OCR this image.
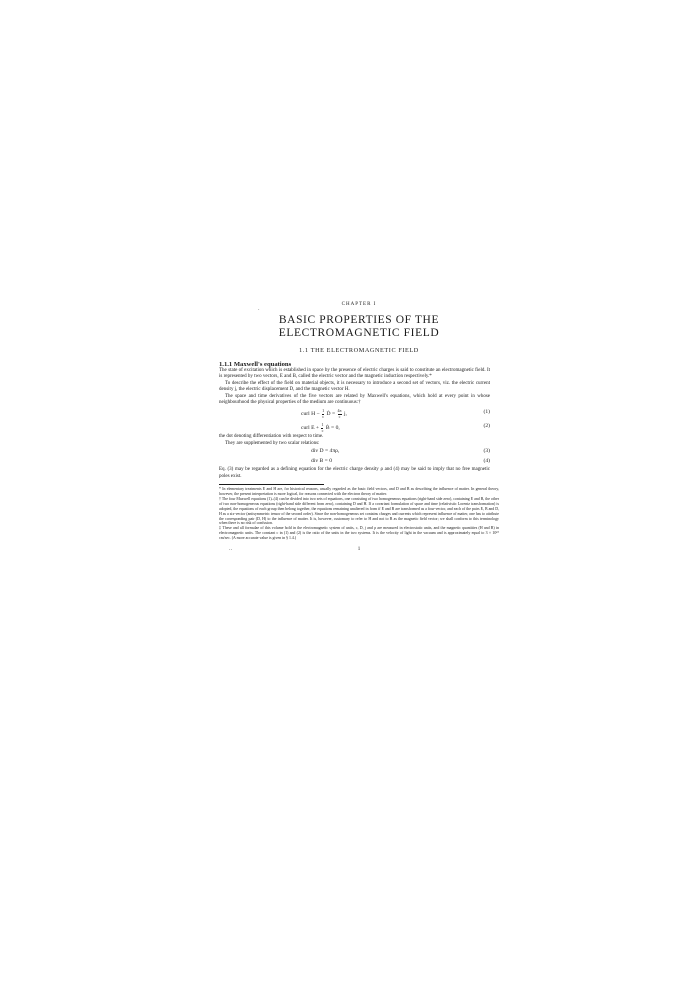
CHAPTER I
BASIC PROPERTIES OF THE
ELECTROMAGNETIC FIELD
1.1 THE ELECTROMAGNETIC FIELD
1.1.1 Maxwell's equations

The state of excitation which is established in space by the presence of electric charges is said to constitute an electromagnetic field. It is represented by two vectors, E and B, called the electric vector and the magnetic induction respectively.*

To describe the effect of the field on material objects, it is necessary to introduce a second set of vectors, viz. the electric current density j, the electric displacement D, and the magnetic vector H.

The space and time derivatives of the five vectors are related by Maxwell's equations, which hold at every point in whose neighbourhood the physical properties of the medium are continuous:†

curl $H - \frac{1}{c}$ Ḋ = $\frac{4\pi}{c} j$,	(1)
curl $E + \frac{1}{c}$ Ḃ = 0,	(2)

the dot denoting differentiation with respect to time.

They are supplemented by two scalar relations:

div D = 4πρ,	(3)
div B = 0	(4)

Eq. (3) may be regarded as a defining equation for the electric charge density ρ and (4) may be said to imply that no free magnetic poles exist.

* In elementary treatments E and H are, for historical reasons, usually regarded as the basic field vectors, and D and B as describing the influence of matter. In general theory, however, the present interpretation is more logical, for reasons connected with the electron theory of matter.

† The four Maxwell equations (1)–(4) can be divided into two sets of equations, one consisting of two homogeneous equations (right-hand side zero), containing E and B, the other of two non-homogeneous equations (right-hand side different from zero), containing D and H. If a covariant formulation of space and time (relativistic Lorentz transformation) is adopted, the equations of each group then belong together, the equations remaining unaltered in form if E and B are transformed as a four-vector, and each of the pairs E, B and D, H as a six-vector (antisymmetric tensor of the second order). Since the non-homogeneous set contains charges and currents which represent influence of matter, one has to attribute the corresponding pair (D, H) to the influence of matter. It is, however, customary to refer to H and not to B as the magnetic field vector; we shall conform to this terminology when there is no risk of confusion.

‡ These and all formulae of this volume hold in the electromagnetic system of units, c, D, j and ρ are measured in electrostatic units, and the magnetic quantities (H and B) in electromagnetic units. The constant c in (1) and (2) is the ratio of the units in the two systems. It is the velocity of light in the vacuum and is approximately equal to 3 × 10¹⁰ cm/sec. (A more accurate value is given in § 1.4.)

1
.
..
